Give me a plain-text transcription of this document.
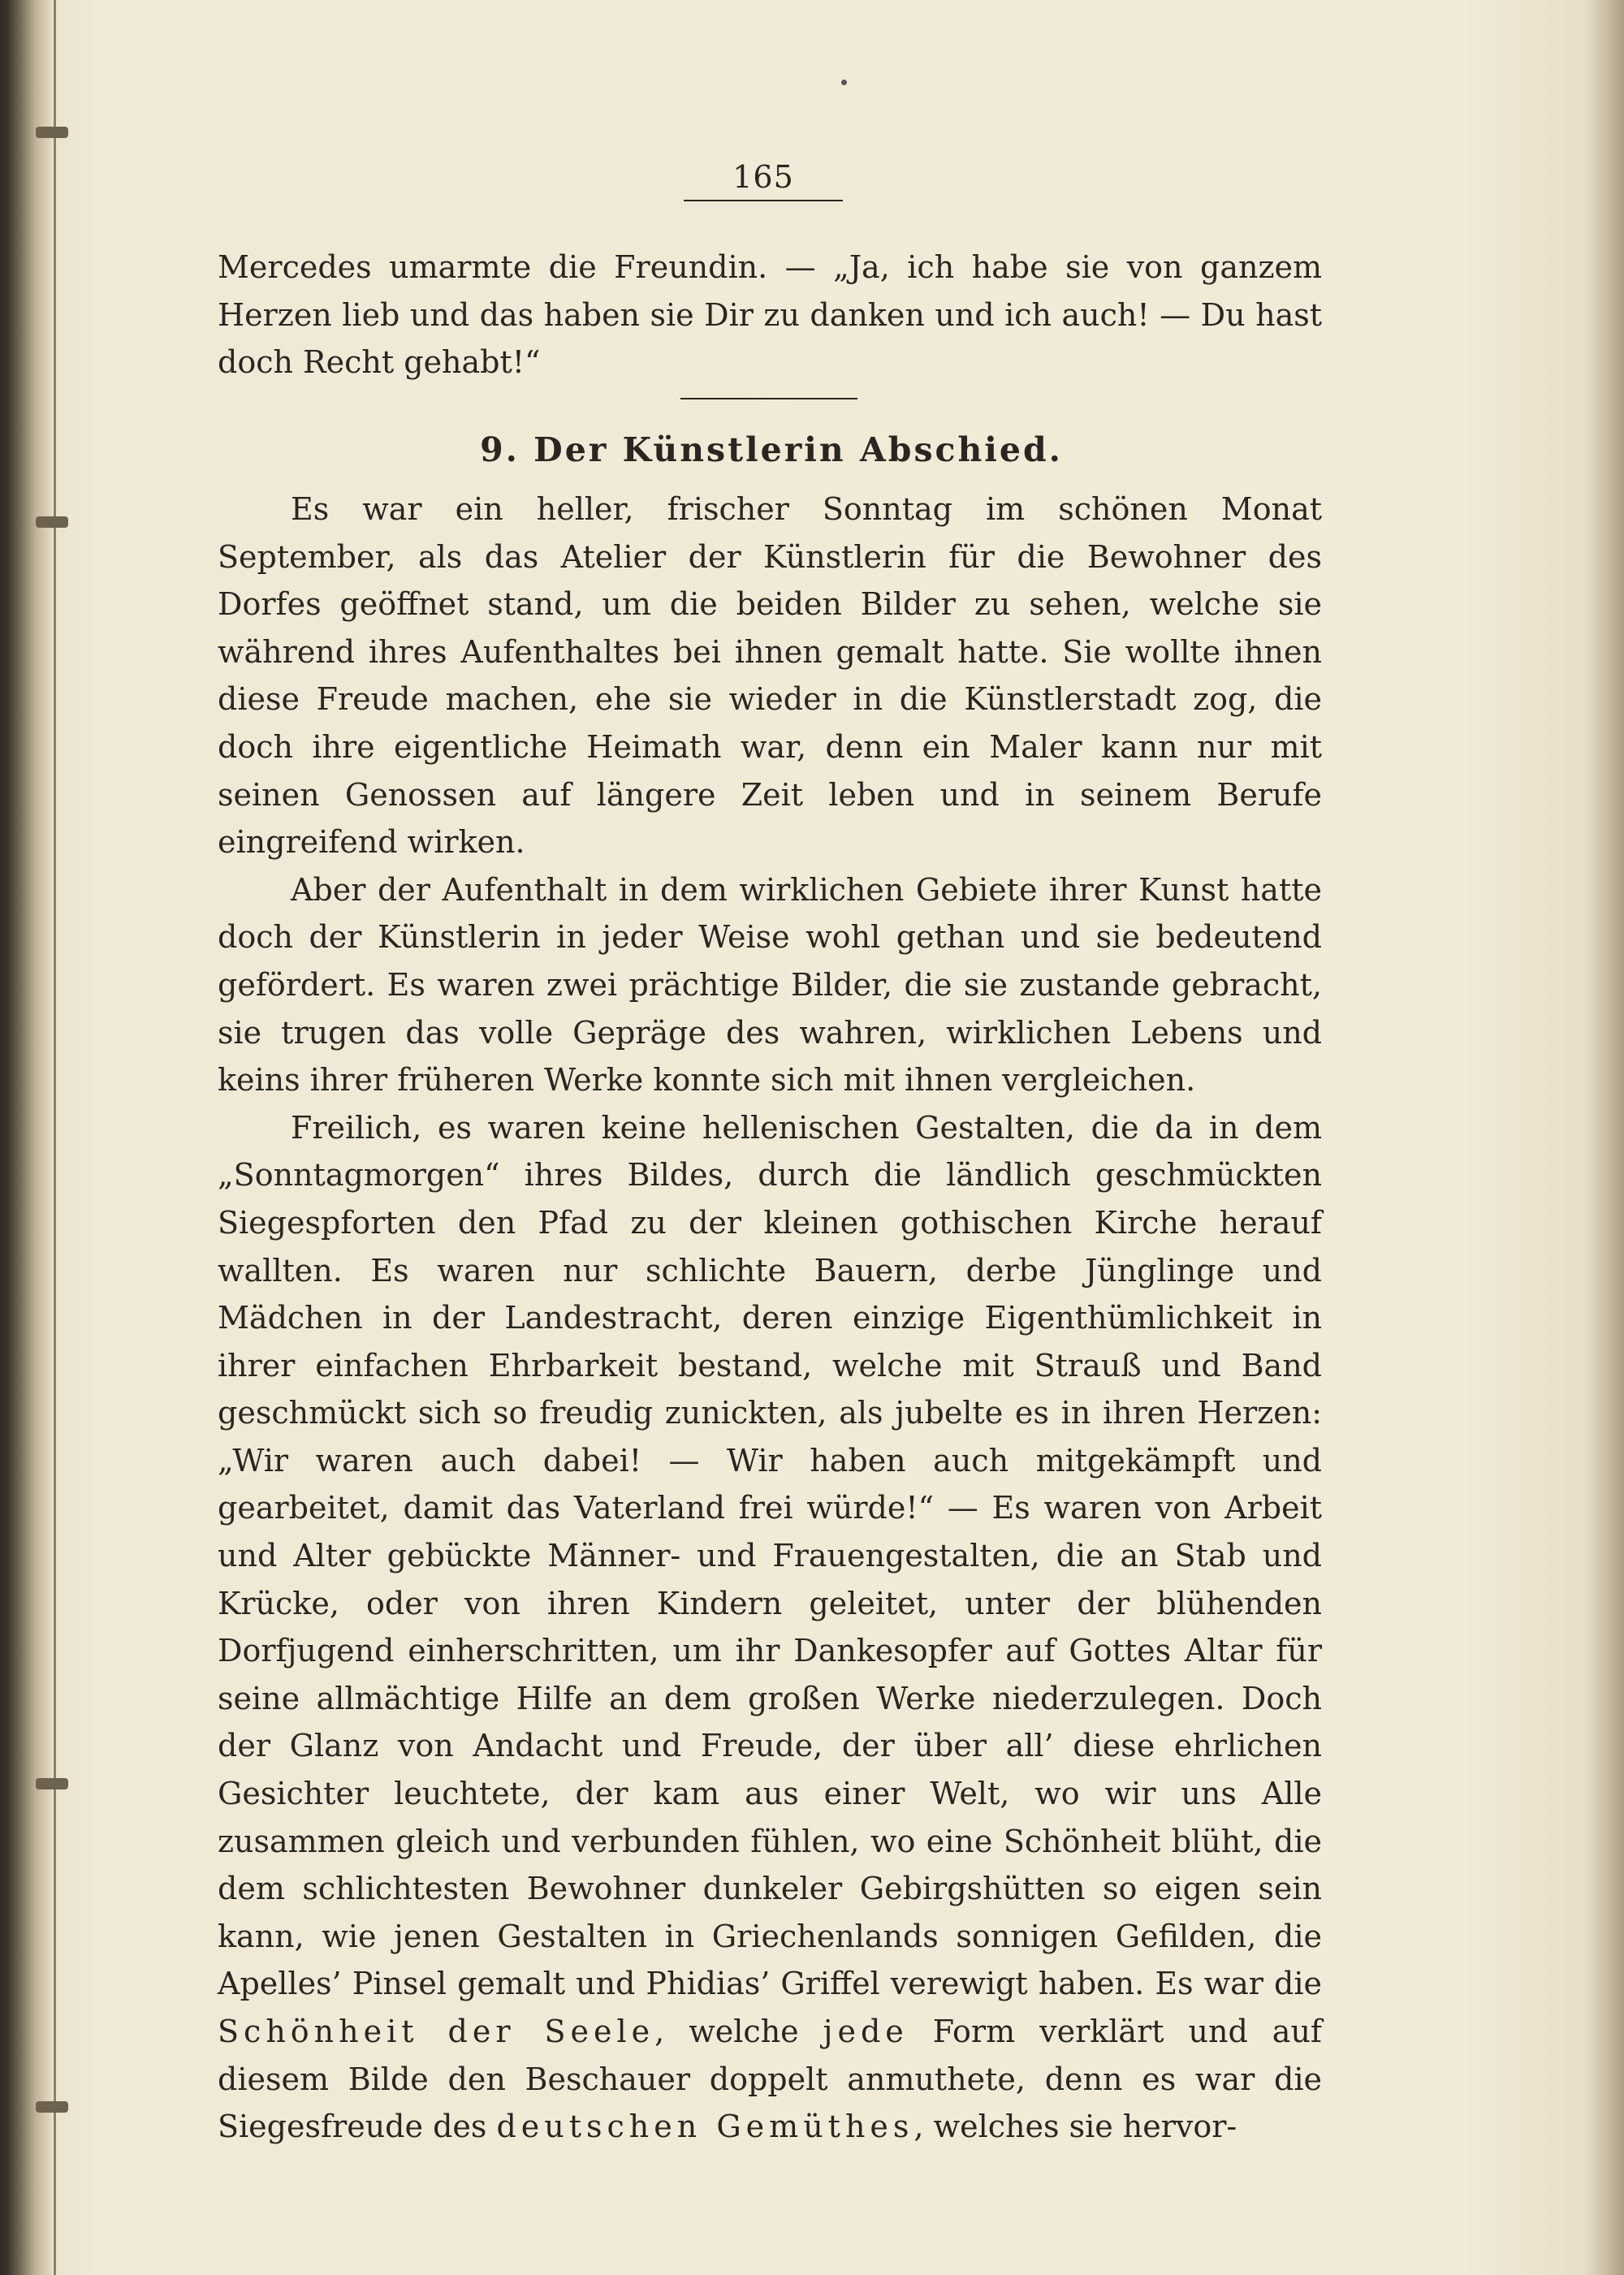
165

Mercedes umarmte die Freundin. — „Ja, ich habe sie von ganzem Herzen lieb und das haben sie Dir zu danken und ich auch! — Du hast doch Recht gehabt!“

9. Der Künstlerin Abschied.

Es war ein heller, frischer Sonntag im schönen Monat September, als das Atelier der Künstlerin für die Bewohner des Dorfes geöffnet stand, um die beiden Bilder zu sehen, welche sie während ihres Aufenthaltes bei ihnen gemalt hatte. Sie wollte ihnen diese Freude machen, ehe sie wieder in die Künstlerstadt zog, die doch ihre eigentliche Heimath war, denn ein Maler kann nur mit seinen Genossen auf längere Zeit leben und in seinem Berufe eingreifend wirken.

Aber der Aufenthalt in dem wirklichen Gebiete ihrer Kunst hatte doch der Künstlerin in jeder Weise wohl gethan und sie bedeutend gefördert. Es waren zwei prächtige Bilder, die sie zustande gebracht, sie trugen das volle Gepräge des wahren, wirklichen Lebens und keins ihrer früheren Werke konnte sich mit ihnen vergleichen.

Freilich, es waren keine hellenischen Gestalten, die da in dem „Sonntagmorgen“ ihres Bildes, durch die ländlich geschmückten Siegespforten den Pfad zu der kleinen gothischen Kirche herauf wallten. Es waren nur schlichte Bauern, derbe Jünglinge und Mädchen in der Landestracht, deren einzige Eigenthümlichkeit in ihrer einfachen Ehrbarkeit bestand, welche mit Strauß und Band geschmückt sich so freudig zunickten, als jubelte es in ihren Herzen: „Wir waren auch dabei! — Wir haben auch mitgekämpft und gearbeitet, damit das Vaterland frei würde!“ — Es waren von Arbeit und Alter gebückte Männer- und Frauengestalten, die an Stab und Krücke, oder von ihren Kindern geleitet, unter der blühenden Dorfjugend einherschritten, um ihr Dankesopfer auf Gottes Altar für seine allmächtige Hilfe an dem großen Werke niederzulegen. Doch der Glanz von Andacht und Freude, der über all’ diese ehrlichen Gesichter leuchtete, der kam aus einer Welt, wo wir uns Alle zusammen gleich und verbunden fühlen, wo eine Schönheit blüht, die dem schlichtesten Bewohner dunkeler Gebirgshütten so eigen sein kann, wie jenen Gestalten in Griechenlands sonnigen Gefilden, die Apelles’ Pinsel gemalt und Phidias’ Griffel verewigt haben. Es war die Schönheit der Seele, welche jede Form verklärt und auf diesem Bilde den Beschauer doppelt anmuthete, denn es war die Siegesfreude des deutschen Gemüthes, welches sie hervor-
